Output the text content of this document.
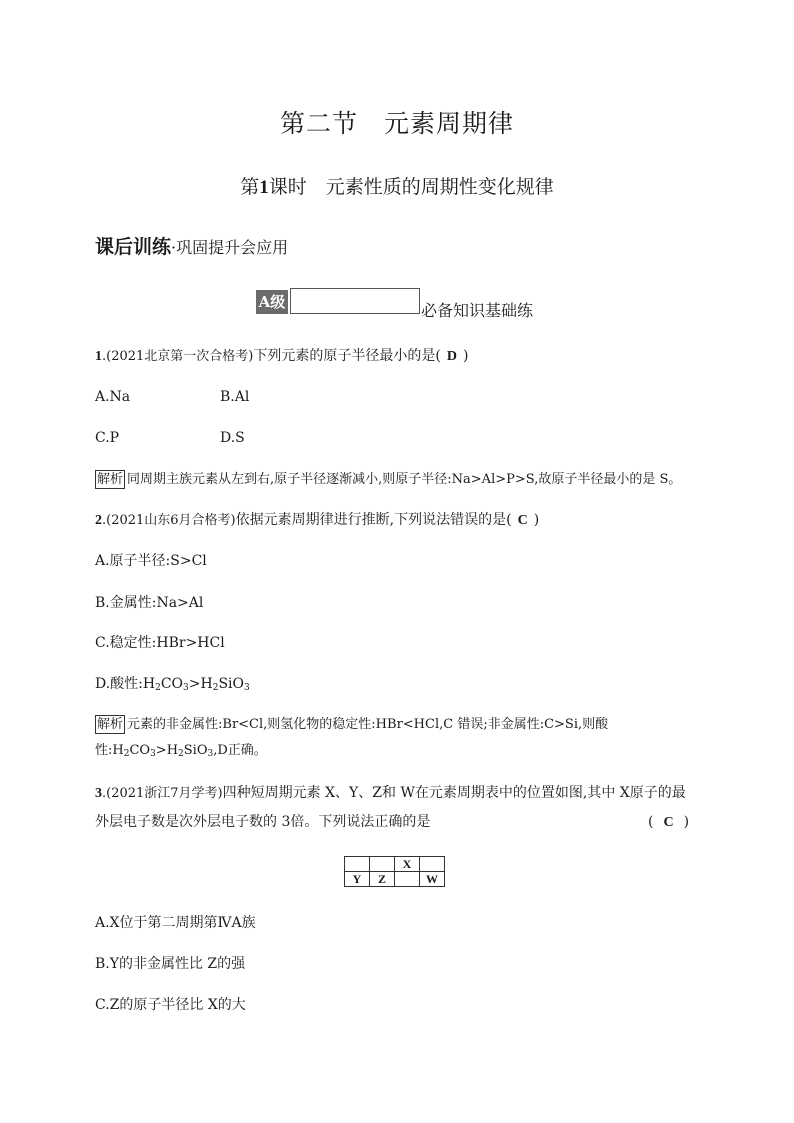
第二节　元素周期律
第1课时　元素性质的周期性变化规律
课后训练·巩固提升会应用
A级	必备知识基础练
1.(2021北京第一次合格考)下列元素的原子半径最小的是( D )
A.Na	B.Al
C.P	D.S
解析 同周期主族元素从左到右,原子半径逐渐减小,则原子半径:Na>Al>P>S,故原子半径最小的是 S。
2.(2021山东6月合格考)依据元素周期律进行推断,下列说法错误的是( C )
A.原子半径:S>Cl
B.金属性:Na>Al
C.稳定性:HBr>HCl
D.酸性$:H_2CO_3>H_2SiO_3$
解析 元素的非金属性:Br<Cl,则氢化物的稳定性:HBr<HCl,C 错误;非金属性:C>Si,则酸
性$:H_2CO_3>H_2SiO_3,D$正确。
3.(2021浙江7月学考)四种短周期元素 X、Y、Z和 W在元素周期表中的位置如图,其中 X原子的最
外层电子数是次外层电子数的 3倍。下列说法正确的是	( C )
		X	
Y	Z		W
A.X位于第二周期第ⅣA族
B.Y的非金属性比 Z的强
C.Z的原子半径比 X的大
